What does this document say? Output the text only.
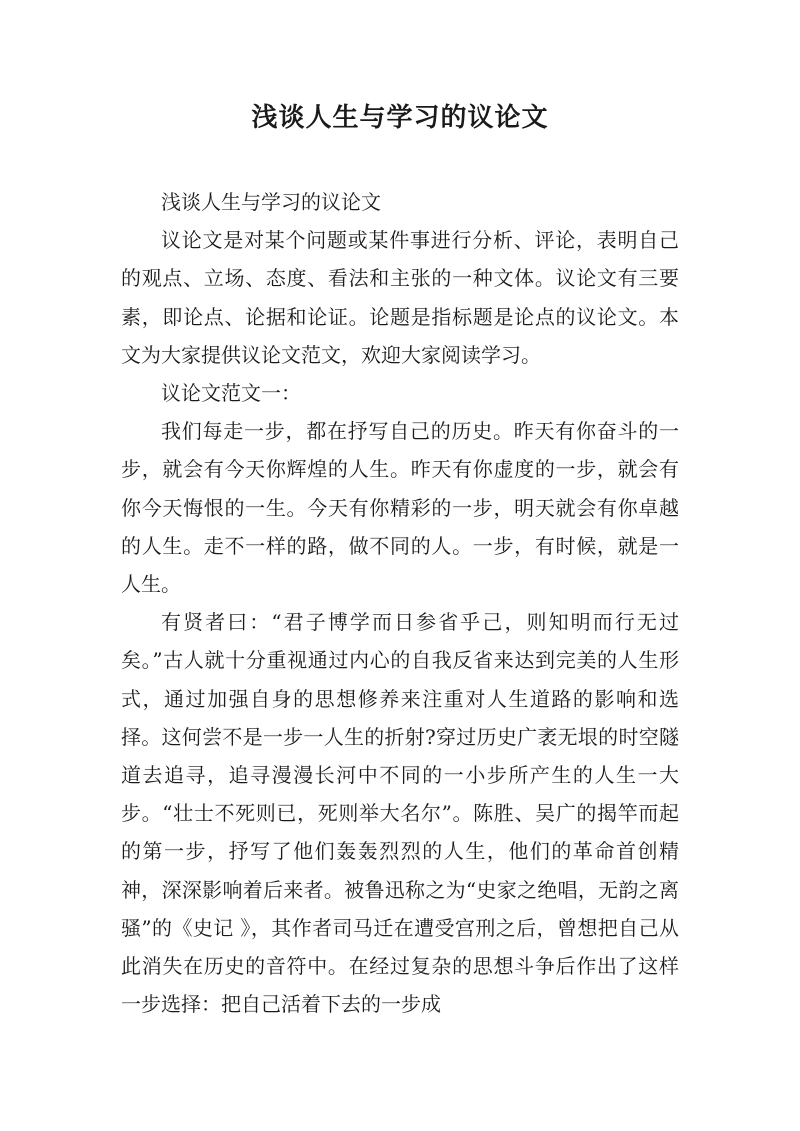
浅谈人生与学习的议论文

浅谈人生与学习的议论文

议论文是对某个问题或某件事进行分析、评论，表明自己的观点、立场、态度、看法和主张的一种文体。议论文有三要素，即论点、论据和论证。论题是指标题是论点的议论文。本文为大家提供议论文范文，欢迎大家阅读学习。

议论文范文一：

我们每走一步，都在抒写自己的历史。昨天有你奋斗的一步，就会有今天你辉煌的人生。昨天有你虚度的一步，就会有你今天悔恨的一生。今天有你精彩的一步，明天就会有你卓越的人生。走不一样的路，做不同的人。一步，有时候，就是一人生。

有贤者曰：“君子博学而日参省乎己，则知明而行无过矣。”古人就十分重视通过内心的自我反省来达到完美的人生形式，通过加强自身的思想修养来注重对人生道路的影响和选择。这何尝不是一步一人生的折射?穿过历史广袤无垠的时空隧道去追寻，追寻漫漫长河中不同的一小步所产生的人生一大步。“壮士不死则已，死则举大名尔”。陈胜、吴广的揭竿而起的第一步，抒写了他们轰轰烈烈的人生，他们的革命首创精神，深深影响着后来者。被鲁迅称之为“史家之绝唱，无韵之离骚”的《史记 》，其作者司马迁在遭受宫刑之后，曾想把自己从此消失在历史的音符中。在经过复杂的思想斗争后作出了这样一步选择：把自己活着下去的一步成
